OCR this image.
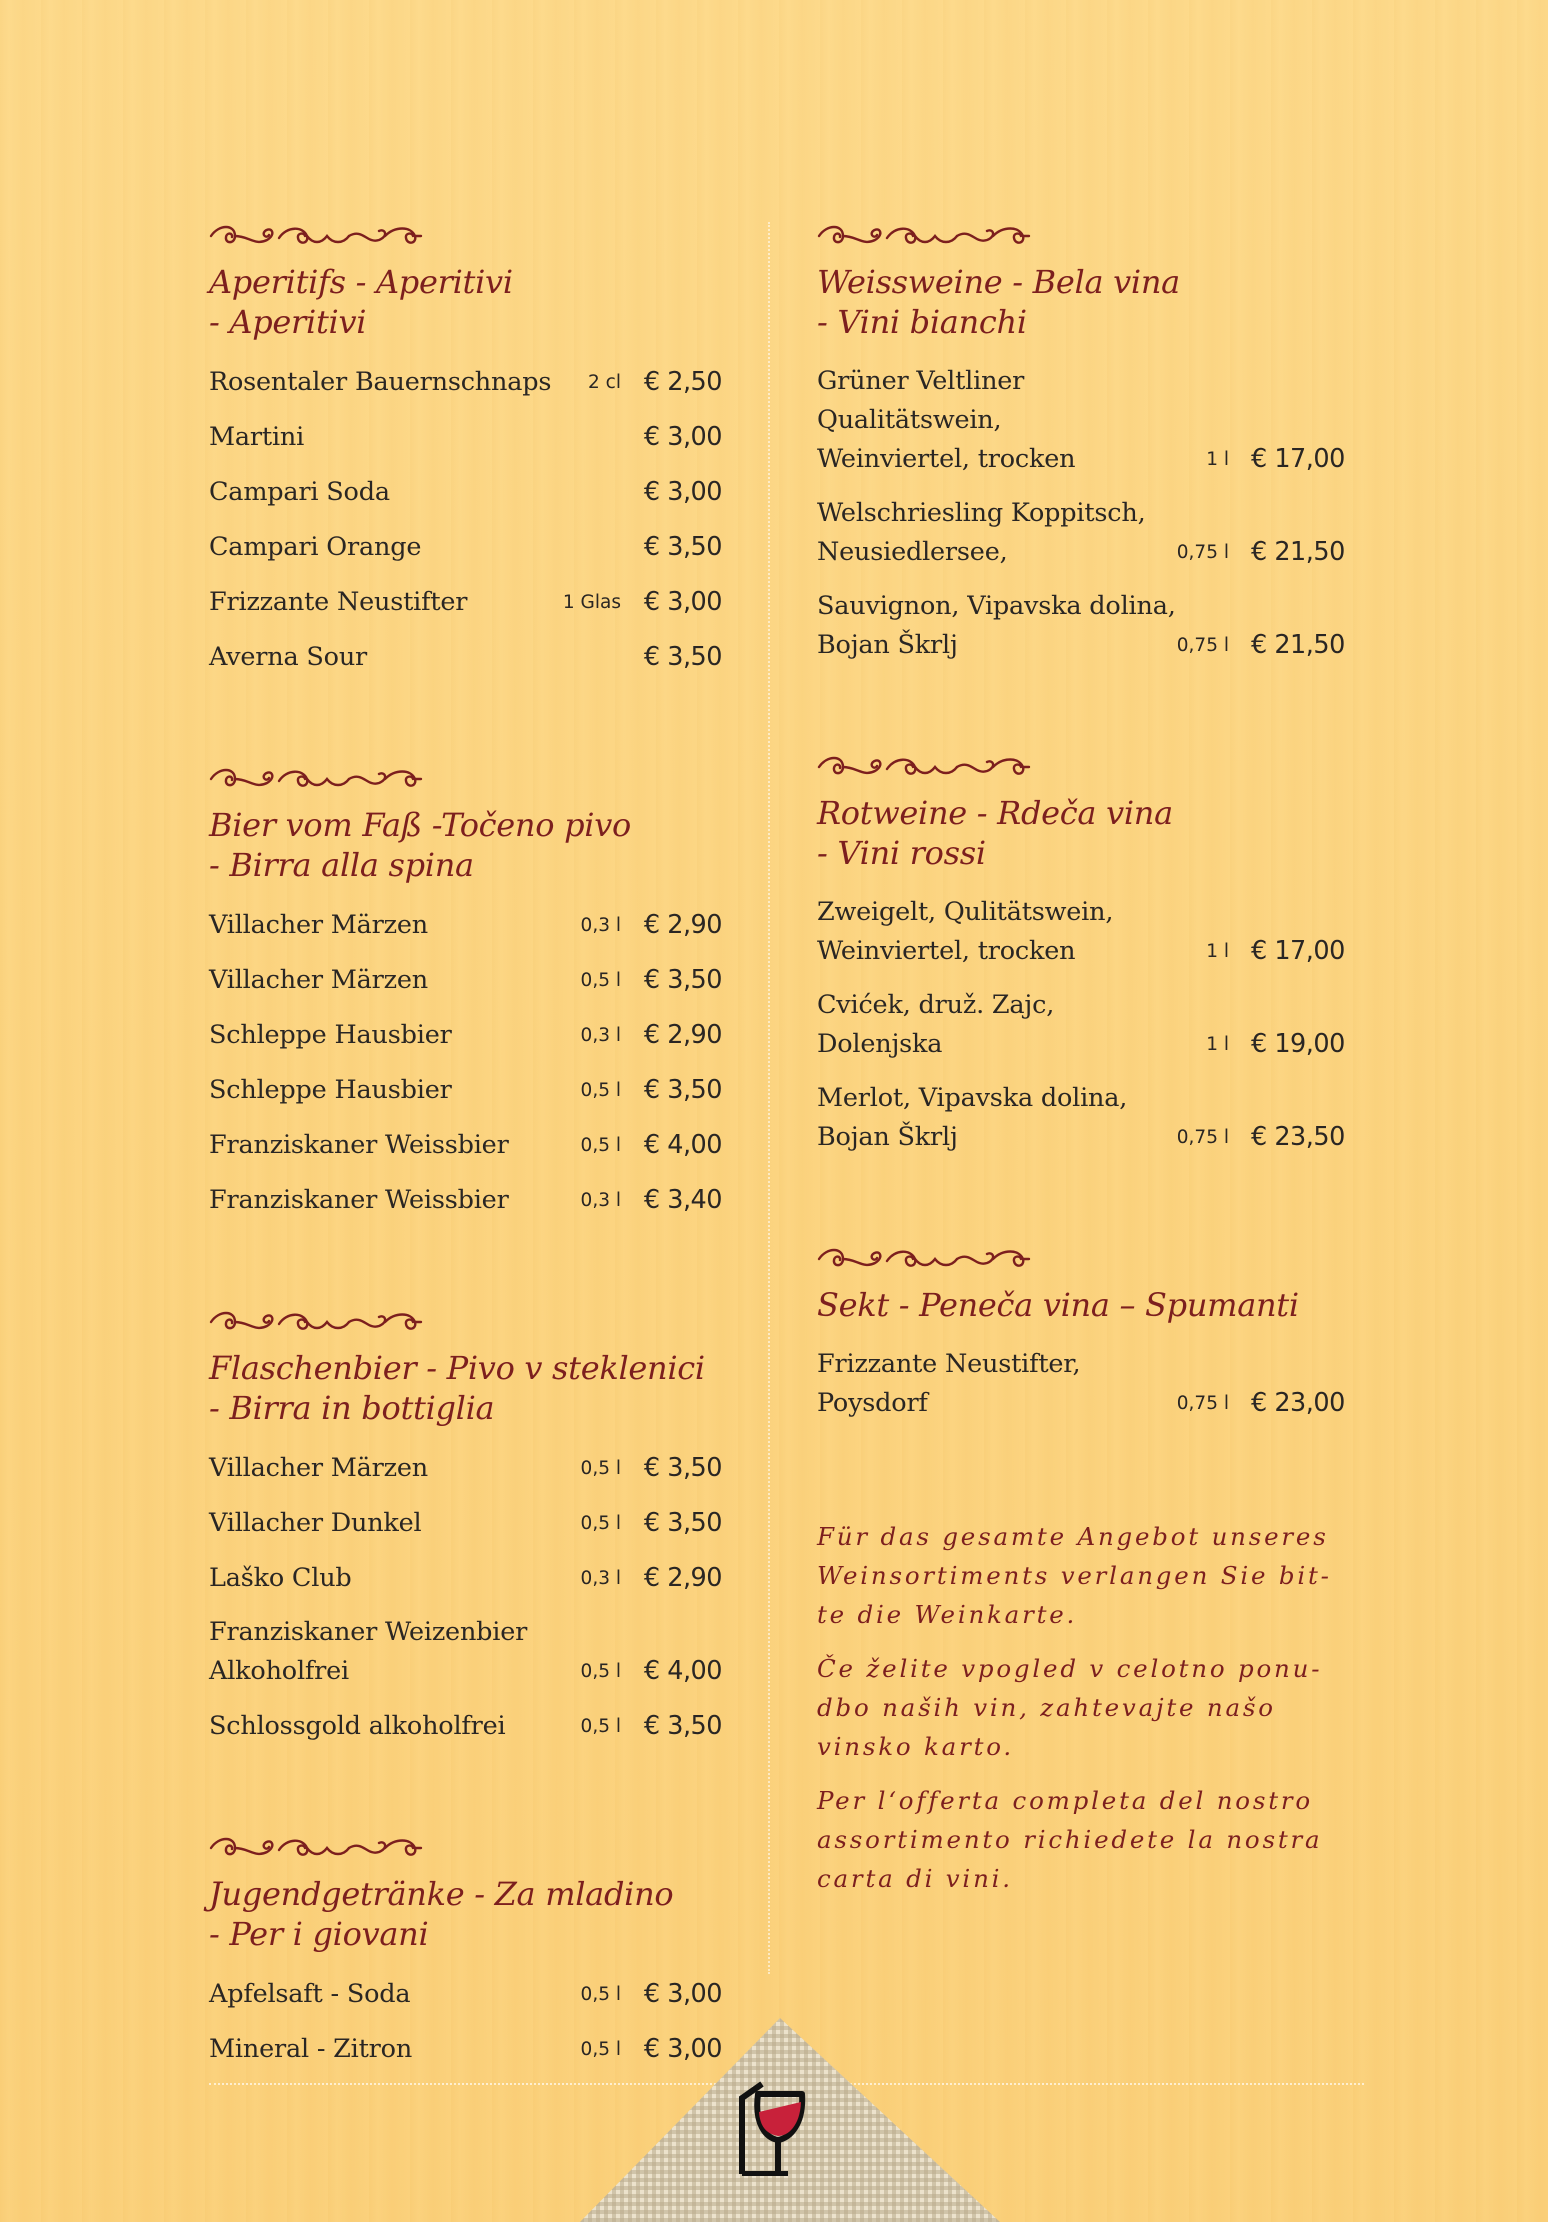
Aperitifs - Aperitivi
- Aperitivi
Rosentaler Bauernschnaps	2 cl € 2,50
Martini	€ 3,00
Campari Soda	€ 3,00
Campari Orange	€ 3,50
Frizzante Neustifter	1 Glas € 3,00
Averna Sour	€ 3,50
Bier vom Faß -Točeno pivo
- Birra alla spina
Villacher Märzen	0,3 l € 2,90
Villacher Märzen	0,5 l € 3,50
Schleppe Hausbier	0,3 l € 2,90
Schleppe Hausbier	0,5 l € 3,50
Franziskaner Weissbier	0,5 l € 4,00
Franziskaner Weissbier	0,3 l € 3,40
Flaschenbier - Pivo v steklenici
- Birra in bottiglia
Villacher Märzen	0,5 l € 3,50
Villacher Dunkel	0,5 l € 3,50
Laško Club	0,3 l € 2,90
Franziskaner Weizenbier
Alkoholfrei	0,5 l € 4,00
Schlossgold alkoholfrei	0,5 l € 3,50
Jugendgetränke - Za mladino
- Per i giovani
Apfelsaft - Soda	0,5 l € 3,00
Mineral - Zitron	0,5 l € 3,00
Weissweine - Bela vina
- Vini bianchi
Grüner Veltliner Qualitätswein,
Weinviertel, trocken	1 l € 17,00
Welschriesling Koppitsch,
Neusiedlersee,	0,75 l € 21,50
Sauvignon, Vipavska dolina,
Bojan Škrlj	0,75 l € 21,50
Rotweine - Rdeča vina
- Vini rossi
Zweigelt, Qulitätswein,
Weinviertel, trocken	1 l € 17,00
Cvićek, druž. Zajc,
Dolenjska	1 l € 19,00
Merlot, Vipavska dolina,
Bojan Škrlj	0,75 l € 23,50
Sekt - Peneča vina – Spumanti
Frizzante Neustifter,
Poysdorf	0,75 l € 23,00

Für das gesamte Angebot unseres
Weinsortiments verlangen Sie bit-
te die Weinkarte.

Če želite vpogled v celotno ponu-
dbo naših vin, zahtevajte našo
vinsko karto.

Per l‘offerta completa del nostro
assortimento richiedete la nostra
carta di vini.
